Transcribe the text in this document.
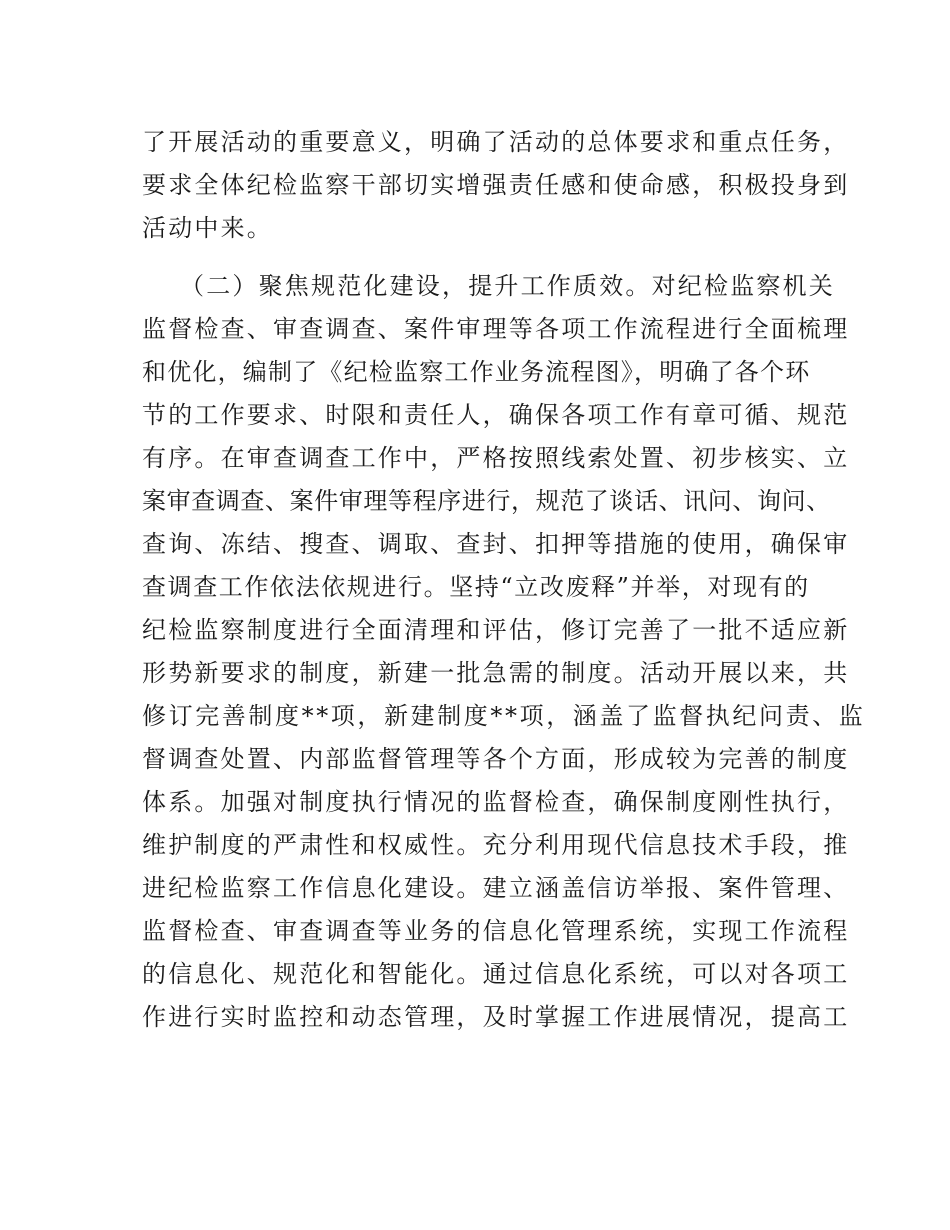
了开展活动的重要意义，明确了活动的总体要求和重点任务，
要求全体纪检监察干部切实增强责任感和使命感，积极投身到
活动中来。
（二）聚焦规范化建设，提升工作质效。对纪检监察机关
监督检查、审查调查、案件审理等各项工作流程进行全面梳理
和优化，编制了《纪检监察工作业务流程图》，明确了各个环
节的工作要求、时限和责任人，确保各项工作有章可循、规范
有序。在审查调查工作中，严格按照线索处置、初步核实、立
案审查调查、案件审理等程序进行，规范了谈话、讯问、询问、
查询、冻结、搜查、调取、查封、扣押等措施的使用，确保审
查调查工作依法依规进行。坚持“立改废释”并举，对现有的
纪检监察制度进行全面清理和评估，修订完善了一批不适应新
形势新要求的制度，新建一批急需的制度。活动开展以来，共
修订完善制度**项，新建制度**项，涵盖了监督执纪问责、监
督调查处置、内部监督管理等各个方面，形成较为完善的制度
体系。加强对制度执行情况的监督检查，确保制度刚性执行，
维护制度的严肃性和权威性。充分利用现代信息技术手段，推
进纪检监察工作信息化建设。建立涵盖信访举报、案件管理、
监督检查、审查调查等业务的信息化管理系统，实现工作流程
的信息化、规范化和智能化。通过信息化系统，可以对各项工
作进行实时监控和动态管理，及时掌握工作进展情况，提高工
